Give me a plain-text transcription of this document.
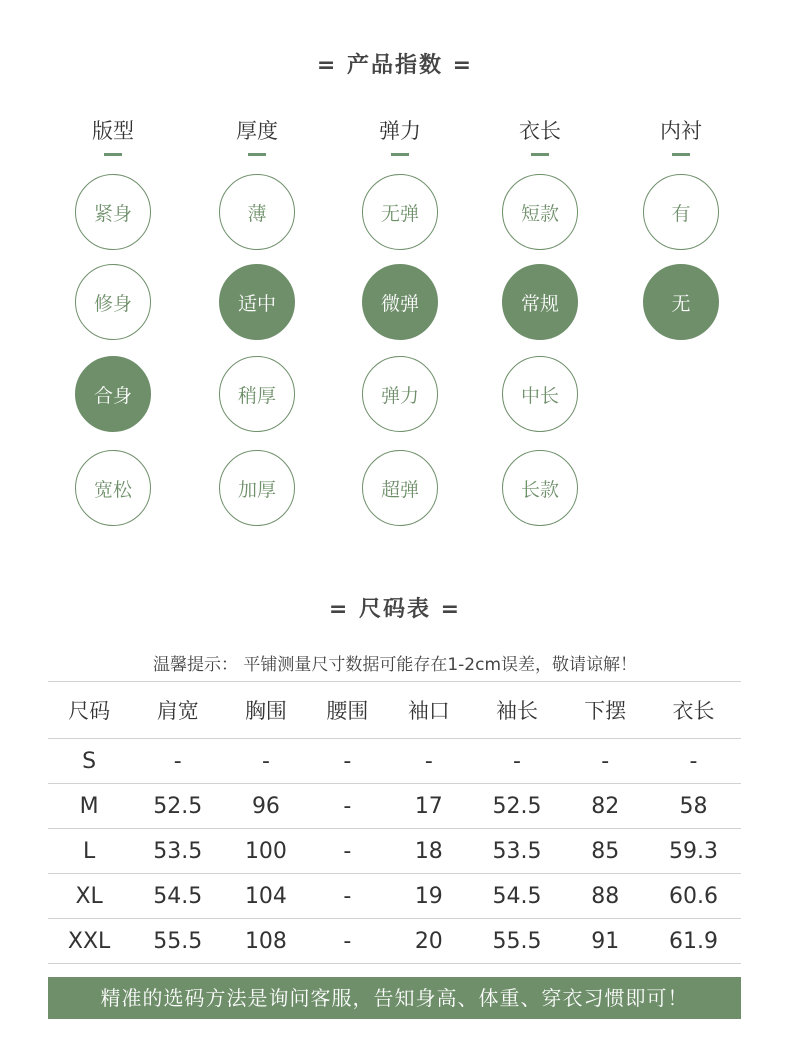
= 产品指数 =
版型
紧身
修身
合身
宽松
厚度
薄
适中
稍厚
加厚
弹力
无弹
微弹
弹力
超弹
衣长
短款
常规
中长
长款
内衬
有
无
= 尺码表 =
温馨提示： 平铺测量尺寸数据可能存在1-2cm误差，敬请谅解！
尺码	肩宽	胸围	腰围	袖口	袖长	下摆	衣长
S	-	-	-	-	-	-	-
M	52.5	96	-	17	52.5	82	58
L	53.5	100	-	18	53.5	85	59.3
XL	54.5	104	-	19	54.5	88	60.6
XXL	55.5	108	-	20	55.5	91	61.9
精准的选码方法是询问客服，告知身高、体重、穿衣习惯即可！
